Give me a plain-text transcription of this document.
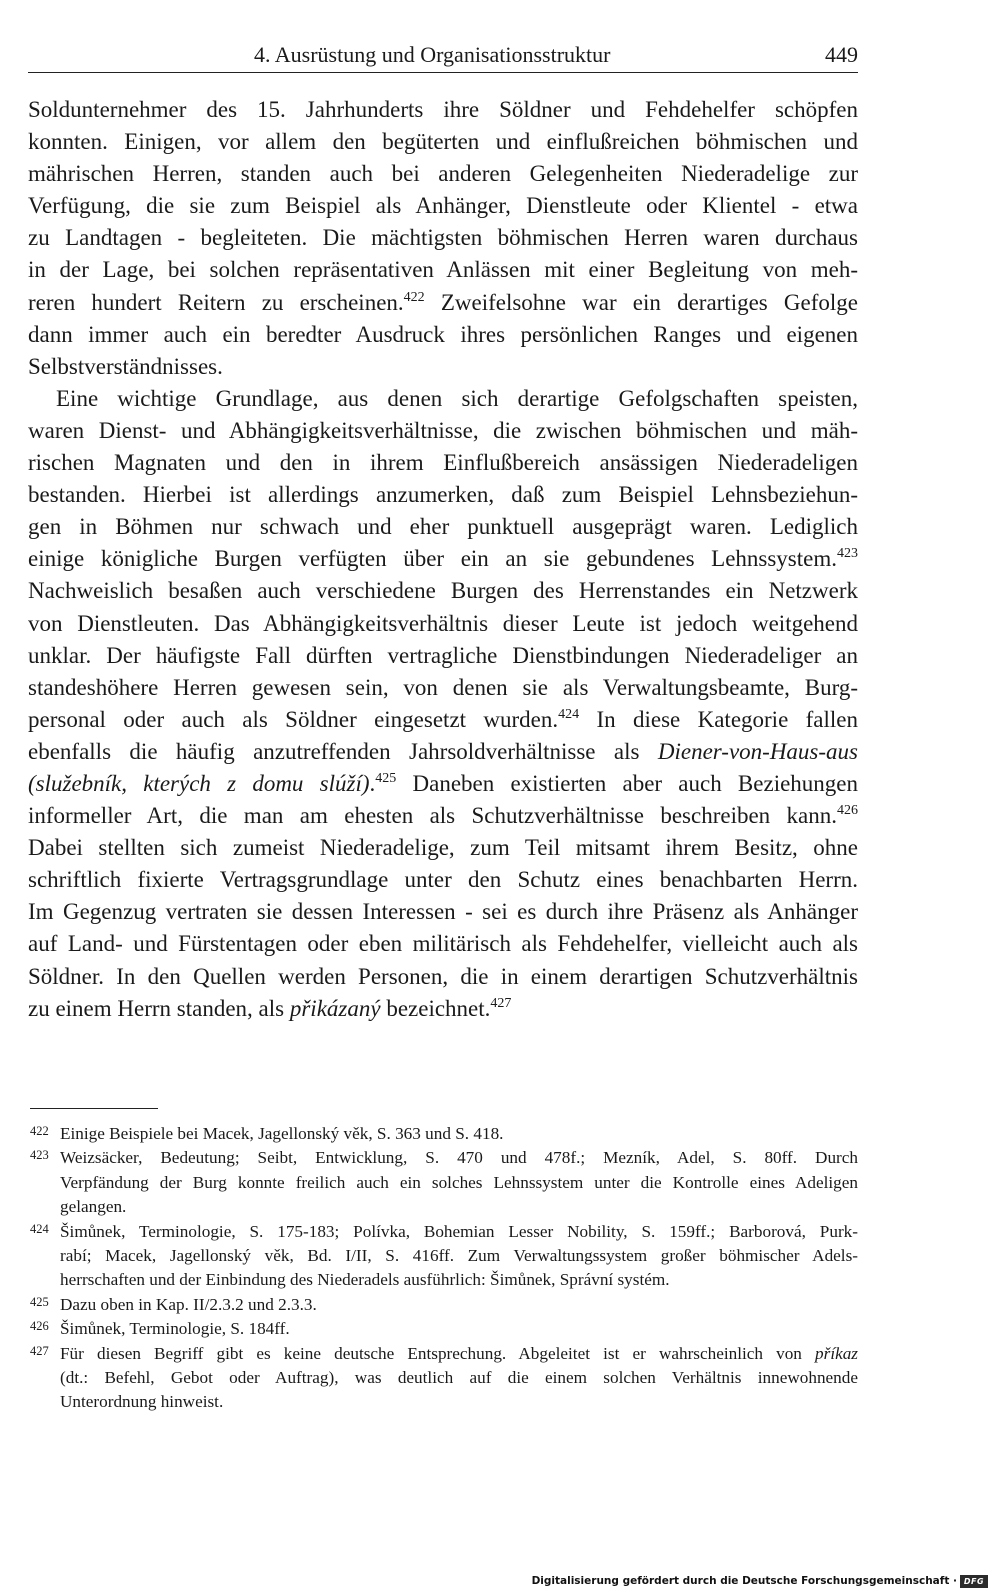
4. Ausrüstung und Organisationsstruktur	449
Soldunternehmer des 15. Jahrhunderts ihre Söldner und Fehdehelfer schöpfen
konnten. Einigen, vor allem den begüterten und einflußreichen böhmischen und
mährischen Herren, standen auch bei anderen Gelegenheiten Niederadelige zur
Verfügung, die sie zum Beispiel als Anhänger, Dienstleute oder Klientel - etwa
zu Landtagen - begleiteten. Die mächtigsten böhmischen Herren waren durchaus
in der Lage, bei solchen repräsentativen Anlässen mit einer Begleitung von meh-
reren hundert Reitern zu erscheinen.$^{422}$ Zweifelsohne war ein derartiges Gefolge
dann immer auch ein beredter Ausdruck ihres persönlichen Ranges und eigenen
Selbstverständnisses.
Eine wichtige Grundlage, aus denen sich derartige Gefolgschaften speisten,
waren Dienst- und Abhängigkeitsverhältnisse, die zwischen böhmischen und mäh-
rischen Magnaten und den in ihrem Einflußbereich ansässigen Niederadeligen
bestanden. Hierbei ist allerdings anzumerken, daß zum Beispiel Lehnsbeziehun-
gen in Böhmen nur schwach und eher punktuell ausgeprägt waren. Lediglich
einige königliche Burgen verfügten über ein an sie gebundenes Lehnssystem.$^{423}$
Nachweislich besaßen auch verschiedene Burgen des Herrenstandes ein Netzwerk
von Dienstleuten. Das Abhängigkeitsverhältnis dieser Leute ist jedoch weitgehend
unklar. Der häufigste Fall dürften vertragliche Dienstbindungen Niederadeliger an
standeshöhere Herren gewesen sein, von denen sie als Verwaltungsbeamte, Burg-
personal oder auch als Söldner eingesetzt wurden.$^{424}$ In diese Kategorie fallen
ebenfalls die häufig anzutreffenden Jahrsoldverhältnisse als Diener-von-Haus-aus
(služebník, kterých z domu slúží).$^{425}$ Daneben existierten aber auch Beziehungen
informeller Art, die man am ehesten als Schutzverhältnisse beschreiben kann.$^{426}$
Dabei stellten sich zumeist Niederadelige, zum Teil mitsamt ihrem Besitz, ohne
schriftlich fixierte Vertragsgrundlage unter den Schutz eines benachbarten Herrn.
Im Gegenzug vertraten sie dessen Interessen - sei es durch ihre Präsenz als Anhänger
auf Land- und Fürstentagen oder eben militärisch als Fehdehelfer, vielleicht auch als
Söldner. In den Quellen werden Personen, die in einem derartigen Schutzverhältnis
zu einem Herrn standen, als přikázaný bezeichnet.$^{427}$
422 Einige Beispiele bei Macek, Jagellonský věk, S. 363 und S. 418.
423 Weizsäcker, Bedeutung; Seibt, Entwicklung, S. 470 und 478f.; Mezník, Adel, S. 80ff. Durch
Verpfändung der Burg konnte freilich auch ein solches Lehnssystem unter die Kontrolle eines Adeligen
gelangen.
424 Šimůnek, Terminologie, S. 175-183; Polívka, Bohemian Lesser Nobility, S. 159ff.; Barborová, Purk-
rabí; Macek, Jagellonský věk, Bd. I/II, S. 416ff. Zum Verwaltungssystem großer böhmischer Adels-
herrschaften und der Einbindung des Niederadels ausführlich: Šimůnek, Správní systém.
425 Dazu oben in Kap. II/2.3.2 und 2.3.3.
426 Šimůnek, Terminologie, S. 184ff.
427 Für diesen Begriff gibt es keine deutsche Entsprechung. Abgeleitet ist er wahrscheinlich von příkaz
(dt.: Befehl, Gebot oder Auftrag), was deutlich auf die einem solchen Verhältnis innewohnende
Unterordnung hinweist.
Digitalisierung gefördert durch die Deutsche Forschungsgemeinschaft · DFG
